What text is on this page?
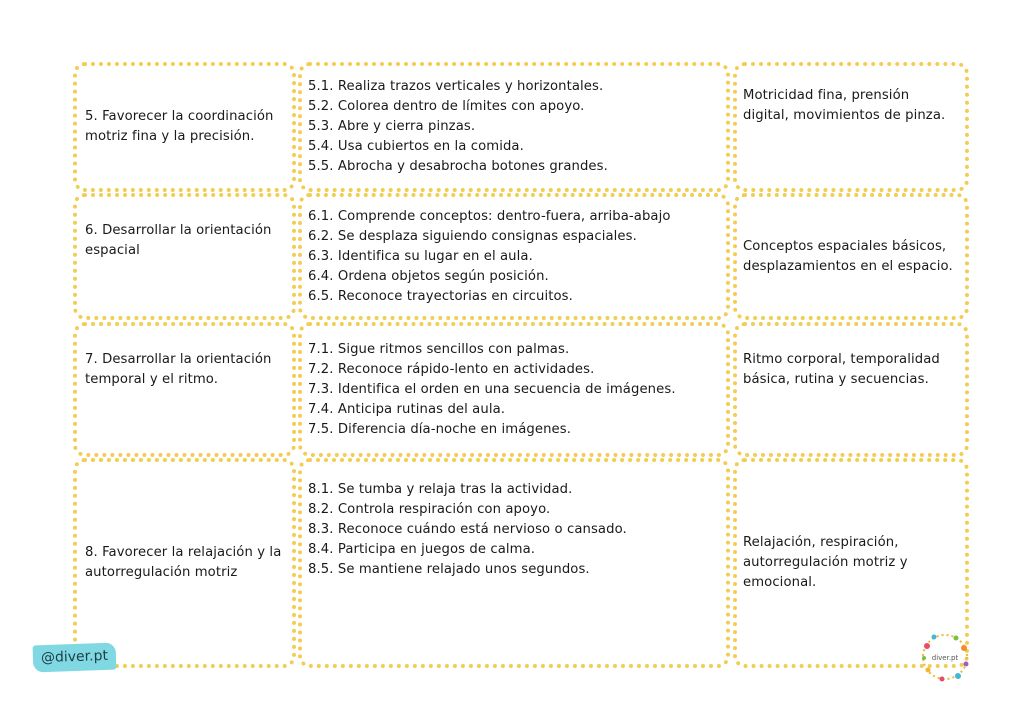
5. Favorecer la coordinación motriz fina y la precisión.
5.1. Realiza trazos verticales y horizontales.
5.2. Colorea dentro de límites con apoyo.
5.3. Abre y cierra pinzas.
5.4. Usa cubiertos en la comida.
5.5. Abrocha y desabrocha botones grandes.
Motricidad fina, prensión digital, movimientos de pinza.
6. Desarrollar la orientación espacial
6.1. Comprende conceptos: dentro-fuera, arriba-abajo
6.2. Se desplaza siguiendo consignas espaciales.
6.3. Identifica su lugar en el aula.
6.4. Ordena objetos según posición.
6.5. Reconoce trayectorias en circuitos.
Conceptos espaciales básicos, desplazamientos en el espacio.
7. Desarrollar la orientación temporal y el ritmo.
7.1. Sigue ritmos sencillos con palmas.
7.2. Reconoce rápido-lento en actividades.
7.3. Identifica el orden en una secuencia de imágenes.
7.4. Anticipa rutinas del aula.
7.5. Diferencia día-noche en imágenes.
Ritmo corporal, temporalidad básica, rutina y secuencias.
8. Favorecer la relajación y la autorregulación motriz
8.1. Se tumba y relaja tras la actividad.
8.2. Controla respiración con apoyo.
8.3. Reconoce cuándo está nervioso o cansado.
8.4. Participa en juegos de calma.
8.5. Se mantiene relajado unos segundos.
Relajación, respiración, autorregulación motriz y emocional.
@diver.pt	diver.pt
